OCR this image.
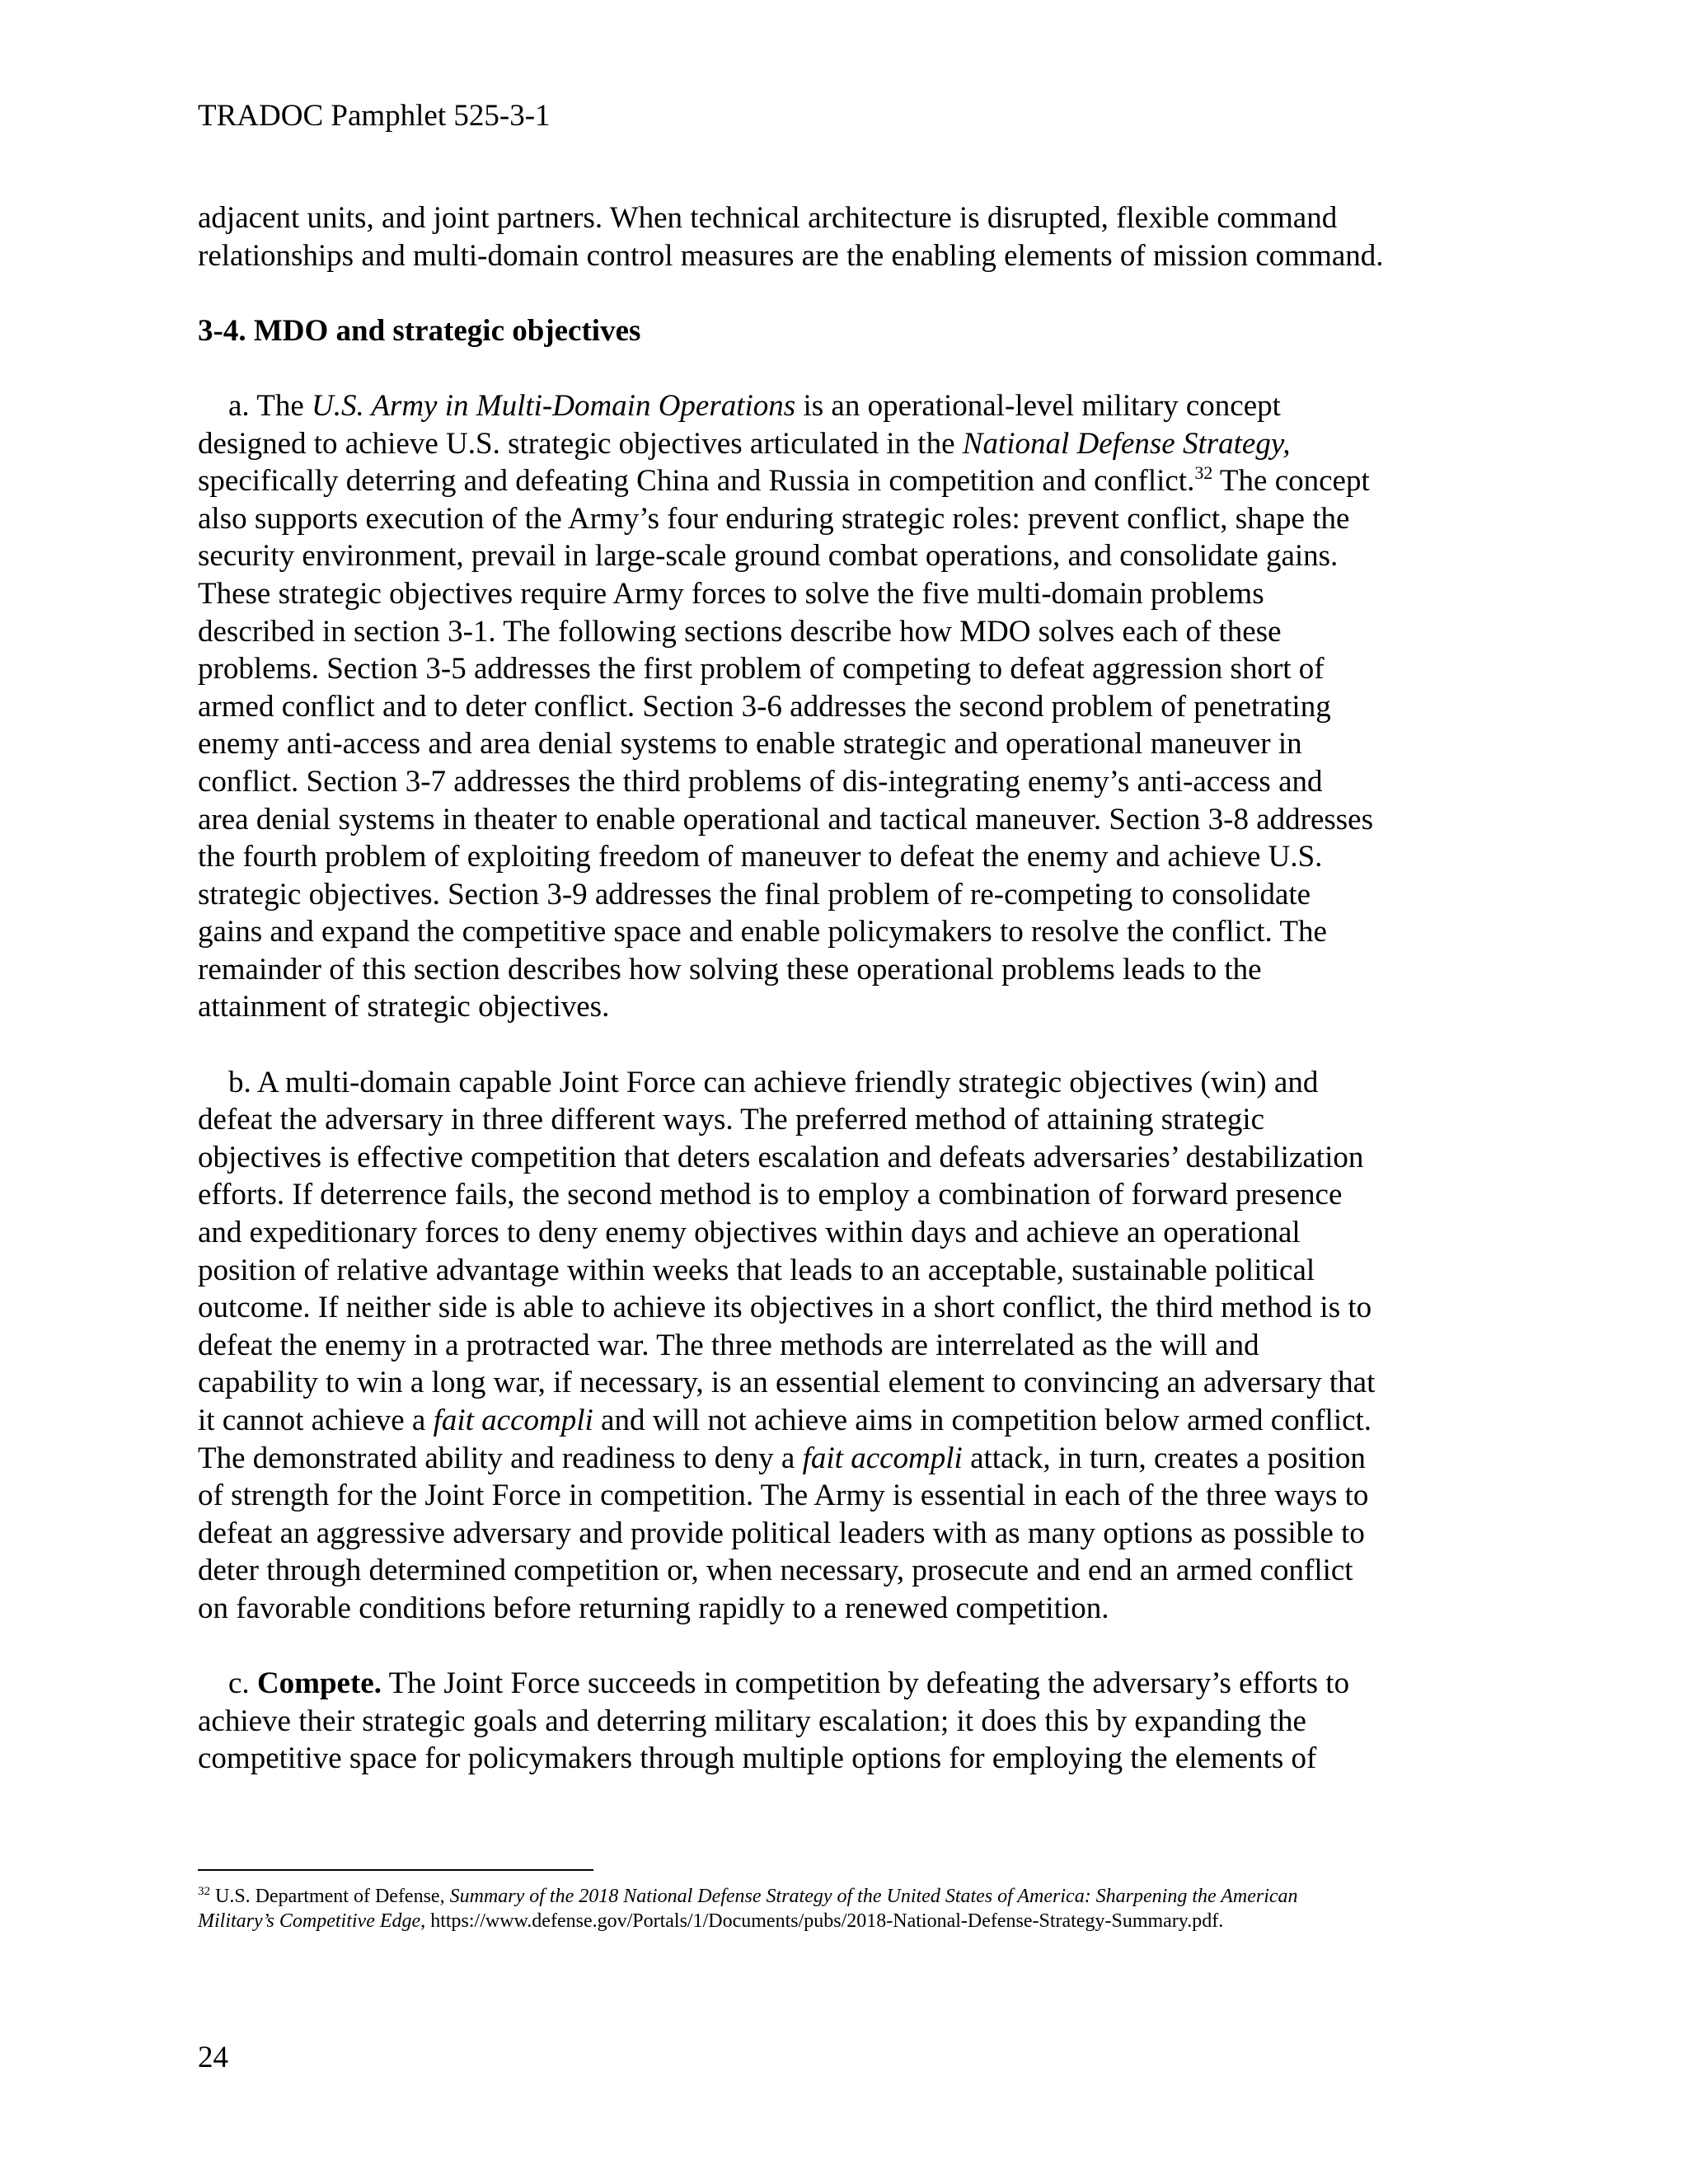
TRADOC Pamphlet 525-3-1

adjacent units, and joint partners. When technical architecture is disrupted, flexible command
relationships and multi-domain control measures are the enabling elements of mission command.

3-4. MDO and strategic objectives

a. The U.S. Army in Multi-Domain Operations is an operational-level military concept
designed to achieve U.S. strategic objectives articulated in the National Defense Strategy,
specifically deterring and defeating China and Russia in competition and conflict.$^{32}$ The concept
also supports execution of the Army’s four enduring strategic roles: prevent conflict, shape the
security environment, prevail in large-scale ground combat operations, and consolidate gains.
These strategic objectives require Army forces to solve the five multi-domain problems
described in section 3-1. The following sections describe how MDO solves each of these
problems. Section 3-5 addresses the first problem of competing to defeat aggression short of
armed conflict and to deter conflict. Section 3-6 addresses the second problem of penetrating
enemy anti-access and area denial systems to enable strategic and operational maneuver in
conflict. Section 3-7 addresses the third problems of dis-integrating enemy’s anti-access and
area denial systems in theater to enable operational and tactical maneuver. Section 3-8 addresses
the fourth problem of exploiting freedom of maneuver to defeat the enemy and achieve U.S.
strategic objectives. Section 3-9 addresses the final problem of re-competing to consolidate
gains and expand the competitive space and enable policymakers to resolve the conflict. The
remainder of this section describes how solving these operational problems leads to the
attainment of strategic objectives.

b. A multi-domain capable Joint Force can achieve friendly strategic objectives (win) and
defeat the adversary in three different ways. The preferred method of attaining strategic
objectives is effective competition that deters escalation and defeats adversaries’ destabilization
efforts. If deterrence fails, the second method is to employ a combination of forward presence
and expeditionary forces to deny enemy objectives within days and achieve an operational
position of relative advantage within weeks that leads to an acceptable, sustainable political
outcome. If neither side is able to achieve its objectives in a short conflict, the third method is to
defeat the enemy in a protracted war. The three methods are interrelated as the will and
capability to win a long war, if necessary, is an essential element to convincing an adversary that
it cannot achieve a fait accompli and will not achieve aims in competition below armed conflict.
The demonstrated ability and readiness to deny a fait accompli attack, in turn, creates a position
of strength for the Joint Force in competition. The Army is essential in each of the three ways to
defeat an aggressive adversary and provide political leaders with as many options as possible to
deter through determined competition or, when necessary, prosecute and end an armed conflict
on favorable conditions before returning rapidly to a renewed competition.

c. Compete. The Joint Force succeeds in competition by defeating the adversary’s efforts to
achieve their strategic goals and deterring military escalation; it does this by expanding the
competitive space for policymakers through multiple options for employing the elements of

$^{32}$ U.S. Department of Defense, Summary of the 2018 National Defense Strategy of the United States of America: Sharpening the American
Military’s Competitive Edge, https://www.defense.gov/Portals/1/Documents/pubs/2018-National-Defense-Strategy-Summary.pdf.
24
